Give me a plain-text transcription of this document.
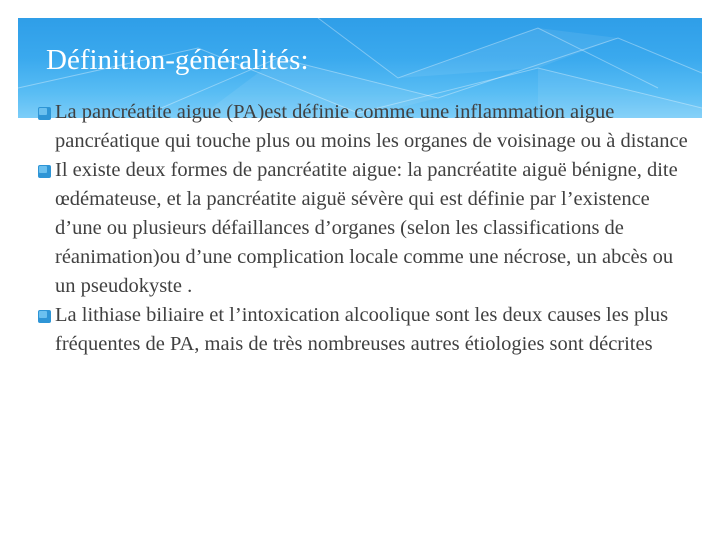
Définition-généralités:
La pancréatite aigue (PA)est définie comme une inflammation aigue pancréatique qui touche plus ou moins les organes de voisinage ou à distance
Il existe deux formes de pancréatite aigue: la pancréatite aiguë bénigne, dite œdémateuse, et la pancréatite aiguë sévère qui est définie par l’existence d’une ou plusieurs défaillances d’organes (selon les classifications de réanimation)ou d’une complication locale comme une nécrose, un abcès ou un pseudokyste .
La lithiase biliaire et l’intoxication alcoolique sont les deux causes les plus fréquentes de PA, mais de très nombreuses autres étiologies sont décrites
